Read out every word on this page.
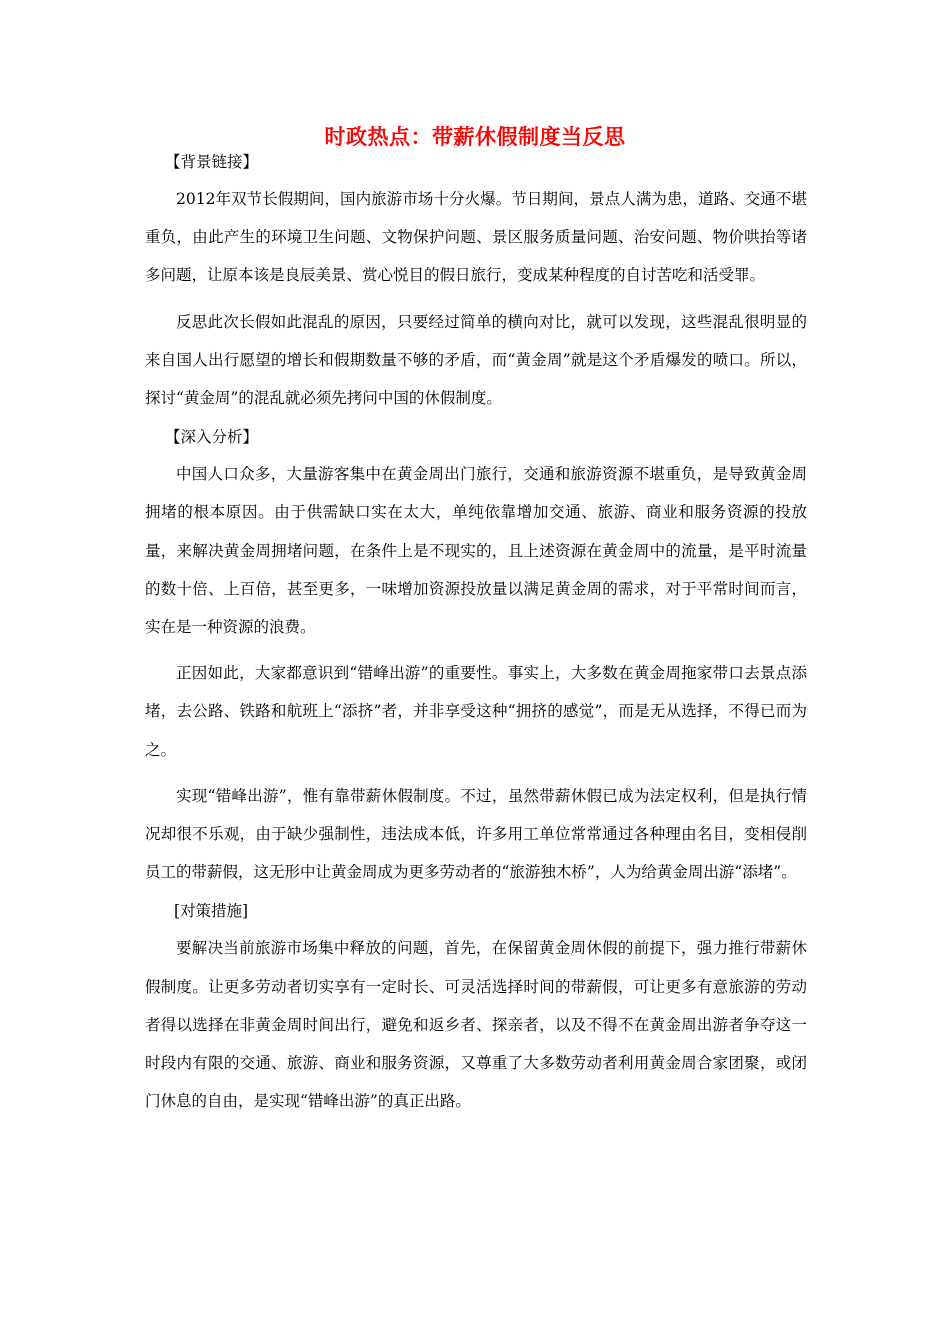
时政热点：带薪休假制度当反思
【背景链接】

2012年双节长假期间，国内旅游市场十分火爆。节日期间，景点人满为患，道路、交通不堪重负，由此产生的环境卫生问题、文物保护问题、景区服务质量问题、治安问题、物价哄抬等诸多问题，让原本该是良辰美景、赏心悦目的假日旅行，变成某种程度的自讨苦吃和活受罪。

反思此次长假如此混乱的原因，只要经过简单的横向对比，就可以发现，这些混乱很明显的来自国人出行愿望的增长和假期数量不够的矛盾，而“黄金周”就是这个矛盾爆发的喷口。所以，探讨“黄金周”的混乱就必须先拷问中国的休假制度。

【深入分析】

中国人口众多，大量游客集中在黄金周出门旅行，交通和旅游资源不堪重负，是导致黄金周拥堵的根本原因。由于供需缺口实在太大，单纯依靠增加交通、旅游、商业和服务资源的投放量，来解决黄金周拥堵问题，在条件上是不现实的，且上述资源在黄金周中的流量，是平时流量的数十倍、上百倍，甚至更多，一味增加资源投放量以满足黄金周的需求，对于平常时间而言，实在是一种资源的浪费。

正因如此，大家都意识到“错峰出游”的重要性。事实上，大多数在黄金周拖家带口去景点添堵，去公路、铁路和航班上“添挤”者，并非享受这种“拥挤的感觉”，而是无从选择，不得已而为之。

实现“错峰出游”，惟有靠带薪休假制度。不过，虽然带薪休假已成为法定权利，但是执行情况却很不乐观，由于缺少强制性，违法成本低，许多用工单位常常通过各种理由名目，变相侵削员工的带薪假，这无形中让黄金周成为更多劳动者的“旅游独木桥”，人为给黄金周出游“添堵”。

[对策措施]

要解决当前旅游市场集中释放的问题，首先，在保留黄金周休假的前提下，强力推行带薪休假制度。让更多劳动者切实享有一定时长、可灵活选择时间的带薪假，可让更多有意旅游的劳动者得以选择在非黄金周时间出行，避免和返乡者、探亲者，以及不得不在黄金周出游者争夺这一时段内有限的交通、旅游、商业和服务资源，又尊重了大多数劳动者利用黄金周合家团聚，或闭门休息的自由，是实现“错峰出游”的真正出路。
